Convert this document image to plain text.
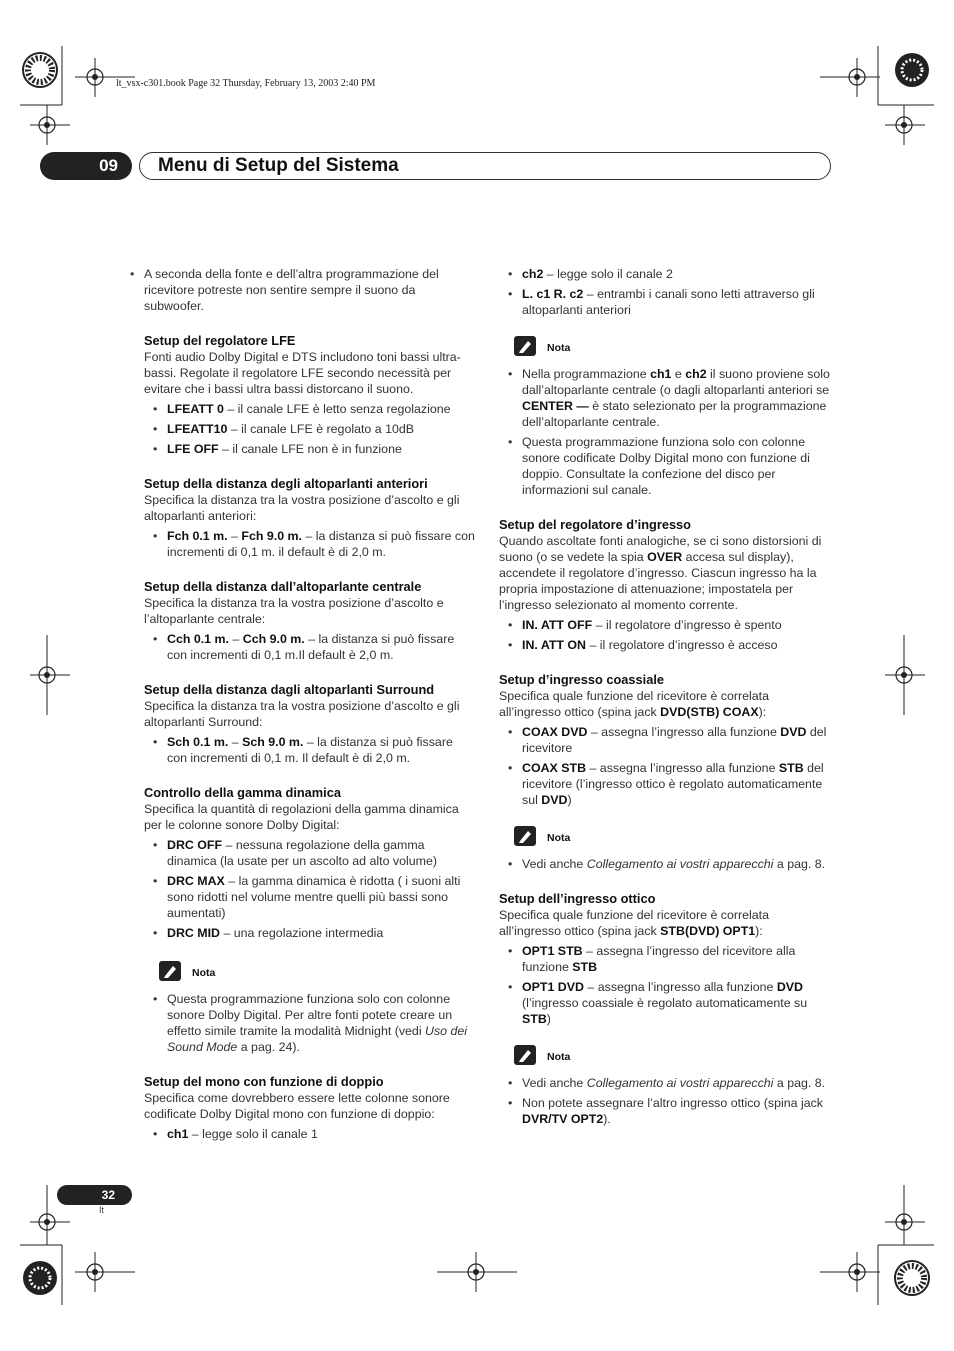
lt_vsx-c301.book Page 32 Thursday, February 13, 2003 2:40 PM
09	Menu di Setup del Sistema
• A seconda della fonte e dell’altra programmazione del ricevitore potreste non sentire sempre il suono da subwoofer.

Setup del regolatore LFE

Fonti audio Dolby Digital e DTS includono toni bassi ultra-bassi. Regolate il regolatore LFE secondo necessità per evitare che i bassi ultra bassi distorcano il suono.

• LFEATT 0 – il canale LFE è letto senza regolazione
• LFEATT10 – il canale LFE è regolato a 10dB
• LFE OFF – il canale LFE non è in funzione

Setup della distanza degli altoparlanti anteriori

Specifica la distanza tra la vostra posizione d’ascolto e gli altoparlanti anteriori:

• Fch 0.1 m. – Fch 9.0 m. – la distanza si può fissare con incrementi di 0,1 m. il default è di 2,0 m.

Setup della distanza dall’altoparlante centrale

Specifica la distanza tra la vostra posizione d’ascolto e l’altoparlante centrale:

• Cch 0.1 m. – Cch 9.0 m. – la distanza si può fissare con incrementi di 0,1 m.Il default è 2,0 m.

Setup della distanza dagli altoparlanti Surround

Specifica la distanza tra la vostra posizione d’ascolto e gli altoparlanti Surround:

• Sch 0.1 m. – Sch 9.0 m. – la distanza si può fissare con incrementi di 0,1 m. Il default è di 2,0 m.

Controllo della gamma dinamica

Specifica la quantità di regolazioni della gamma dinamica per le colonne sonore Dolby Digital:

• DRC OFF – nessuna regolazione della gamma dinamica (la usate per un ascolto ad alto volume)
• DRC MAX – la gamma dinamica è ridotta ( i suoni alti sono ridotti nel volume mentre quelli più bassi sono aumentati)
• DRC MID – una regolazione intermedia
Nota
• Questa programmazione funziona solo con colonne sonore Dolby Digital. Per altre fonti potete creare un effetto simile tramite la modalità Midnight (vedi Uso dei Sound Mode a pag. 24).

Setup del mono con funzione di doppio

Specifica come dovrebbero essere lette colonne sonore codificate Dolby Digital mono con funzione di doppio:

• ch1 – legge solo il canale 1
• ch2 – legge solo il canale 2
• L. c1 R. c2 – entrambi i canali sono letti attraverso gli altoparlanti anteriori
Nota
• Nella programmazione ch1 e ch2 il suono proviene solo dall’altoparlante centrale (o dagli altoparlanti anteriori se CENTER — è stato selezionato per la programmazione dell’altoparlante centrale.
• Questa programmazione funziona solo con colonne sonore codificate Dolby Digital mono con funzione di doppio. Consultate la confezione del disco per informazioni sul canale.

Setup del regolatore d’ingresso

Quando ascoltate fonti analogiche, se ci sono distorsioni di suono (o se vedete la spia OVER accesa sul display), accendete il regolatore d’ingresso. Ciascun ingresso ha la propria impostazione di attenuazione; impostatela per l’ingresso selezionato al momento corrente.

• IN. ATT OFF – il regolatore d’ingresso è spento
• IN. ATT ON – il regolatore d’ingresso è acceso

Setup d’ingresso coassiale

Specifica quale funzione del ricevitore è correlata all’ingresso ottico (spina jack DVD(STB) COAX):

• COAX DVD – assegna l’ingresso alla funzione DVD del ricevitore
• COAX STB – assegna l’ingresso alla funzione STB del ricevitore (l’ingresso ottico è regolato automaticamente sul DVD)
Nota
• Vedi anche Collegamento ai vostri apparecchi a pag. 8.

Setup dell’ingresso ottico

Specifica quale funzione del ricevitore è correlata all’ingresso ottico (spina jack STB(DVD) OPT1):

• OPT1 STB – assegna l’ingresso del ricevitore alla funzione STB
• OPT1 DVD – assegna l’ingresso alla funzione DVD (l’ingresso coassiale è regolato automaticamente su STB)
Nota
• Vedi anche Collegamento ai vostri apparecchi a pag. 8.
• Non potete assegnare l’altro ingresso ottico (spina jack DVR/TV OPT2).
32
It
